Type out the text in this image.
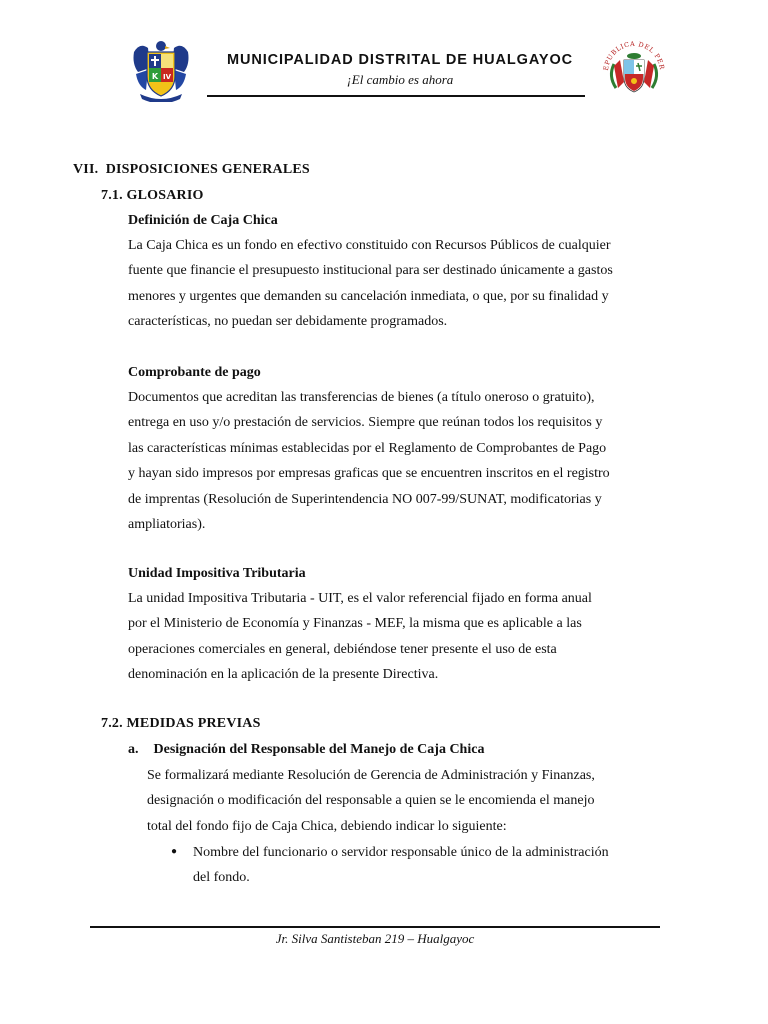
K IV
MUNICIPALIDAD DISTRITAL DE HUALGAYOC
¡El cambio es ahora
EPUBLICA DEL PER
VII. DISPOSICIONES GENERALES
7.1. GLOSARIO
Definición de Caja Chica
La Caja Chica es un fondo en efectivo constituido con Recursos Públicos de cualquier
fuente que financie el presupuesto institucional para ser destinado únicamente a gastos
menores y urgentes que demanden su cancelación inmediata, o que, por su finalidad y
características, no puedan ser debidamente programados.
Comprobante de pago
Documentos que acreditan las transferencias de bienes (a título oneroso o gratuito),
entrega en uso y/o prestación de servicios. Siempre que reúnan todos los requisitos y
las características mínimas establecidas por el Reglamento de Comprobantes de Pago
y hayan sido impresos por empresas graficas que se encuentren inscritos en el registro
de imprentas (Resolución de Superintendencia NO 007-99/SUNAT, modificatorias y
ampliatorias).
Unidad Impositiva Tributaria
La unidad Impositiva Tributaria - UIT, es el valor referencial fijado en forma anual
por el Ministerio de Economía y Finanzas - MEF, la misma que es aplicable a las
operaciones comerciales en general, debiéndose tener presente el uso de esta
denominación en la aplicación de la presente Directiva.
7.2. MEDIDAS PREVIAS
a. Designación del Responsable del Manejo de Caja Chica
Se formalizará mediante Resolución de Gerencia de Administración y Finanzas,
designación o modificación del responsable a quien se le encomienda el manejo
total del fondo fijo de Caja Chica, debiendo indicar lo siguiente:
● Nombre del funcionario o servidor responsable único de la administración
del fondo.
Jr. Silva Santisteban 219 – Hualgayoc
